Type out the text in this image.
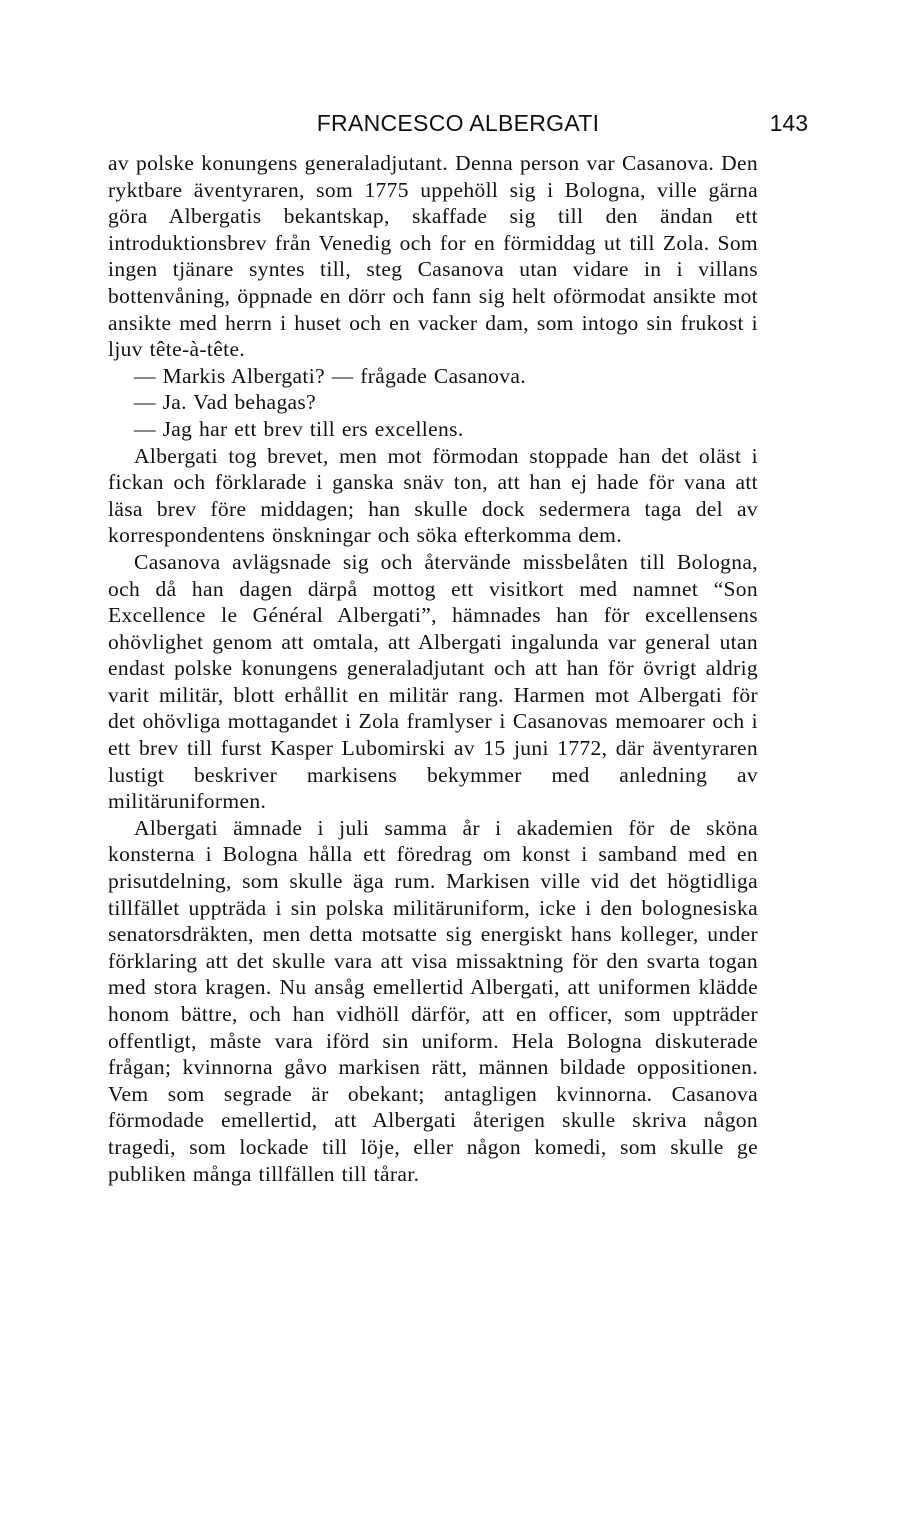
FRANCESCO ALBERGATI	143

av polske konungens generaladjutant. Denna person var Casanova. Den ryktbare äventyraren, som 1775 uppehöll sig i Bologna, ville gärna göra Albergatis bekantskap, skaffade sig till den ändan ett introduktionsbrev från Venedig och for en förmiddag ut till Zola. Som ingen tjänare syntes till, steg Casanova utan vidare in i villans bottenvåning, öppnade en dörr och fann sig helt oförmodat ansikte mot ansikte med herrn i huset och en vacker dam, som intogo sin frukost i ljuv tête-à-tête.

— Markis Albergati? — frågade Casanova.

— Ja. Vad behagas?

— Jag har ett brev till ers excellens.

Albergati tog brevet, men mot förmodan stoppade han det oläst i fickan och förklarade i ganska snäv ton, att han ej hade för vana att läsa brev före middagen; han skulle dock sedermera taga del av korrespondentens önskningar och söka efterkomma dem.

Casanova avlägsnade sig och återvände missbelåten till Bologna, och då han dagen därpå mottog ett visitkort med namnet “Son Excellence le Général Albergati”, hämnades han för excellensens ohövlighet genom att omtala, att Albergati ingalunda var general utan endast polske konungens generaladjutant och att han för övrigt aldrig varit militär, blott erhållit en militär rang. Harmen mot Albergati för det ohövliga mottagandet i Zola framlyser i Casanovas memoarer och i ett brev till furst Kasper Lubomirski av 15 juni 1772, där äventyraren lustigt beskriver markisens bekymmer med anledning av militäruniformen.

Albergati ämnade i juli samma år i akademien för de sköna konsterna i Bologna hålla ett föredrag om konst i samband med en prisutdelning, som skulle äga rum. Markisen ville vid det högtidliga tillfället uppträda i sin polska militäruniform, icke i den bolognesiska senatorsdräkten, men detta motsatte sig energiskt hans kolleger, under förklaring att det skulle vara att visa missaktning för den svarta togan med stora kragen. Nu ansåg emellertid Albergati, att uniformen klädde honom bättre, och han vidhöll därför, att en officer, som uppträder offentligt, måste vara iförd sin uniform. Hela Bologna diskuterade frågan; kvinnorna gåvo markisen rätt, männen bildade oppositionen. Vem som segrade är obekant; antagligen kvinnorna. Casanova förmodade emellertid, att Albergati återigen skulle skriva någon tragedi, som lockade till löje, eller någon komedi, som skulle ge publiken många tillfällen till tårar.
